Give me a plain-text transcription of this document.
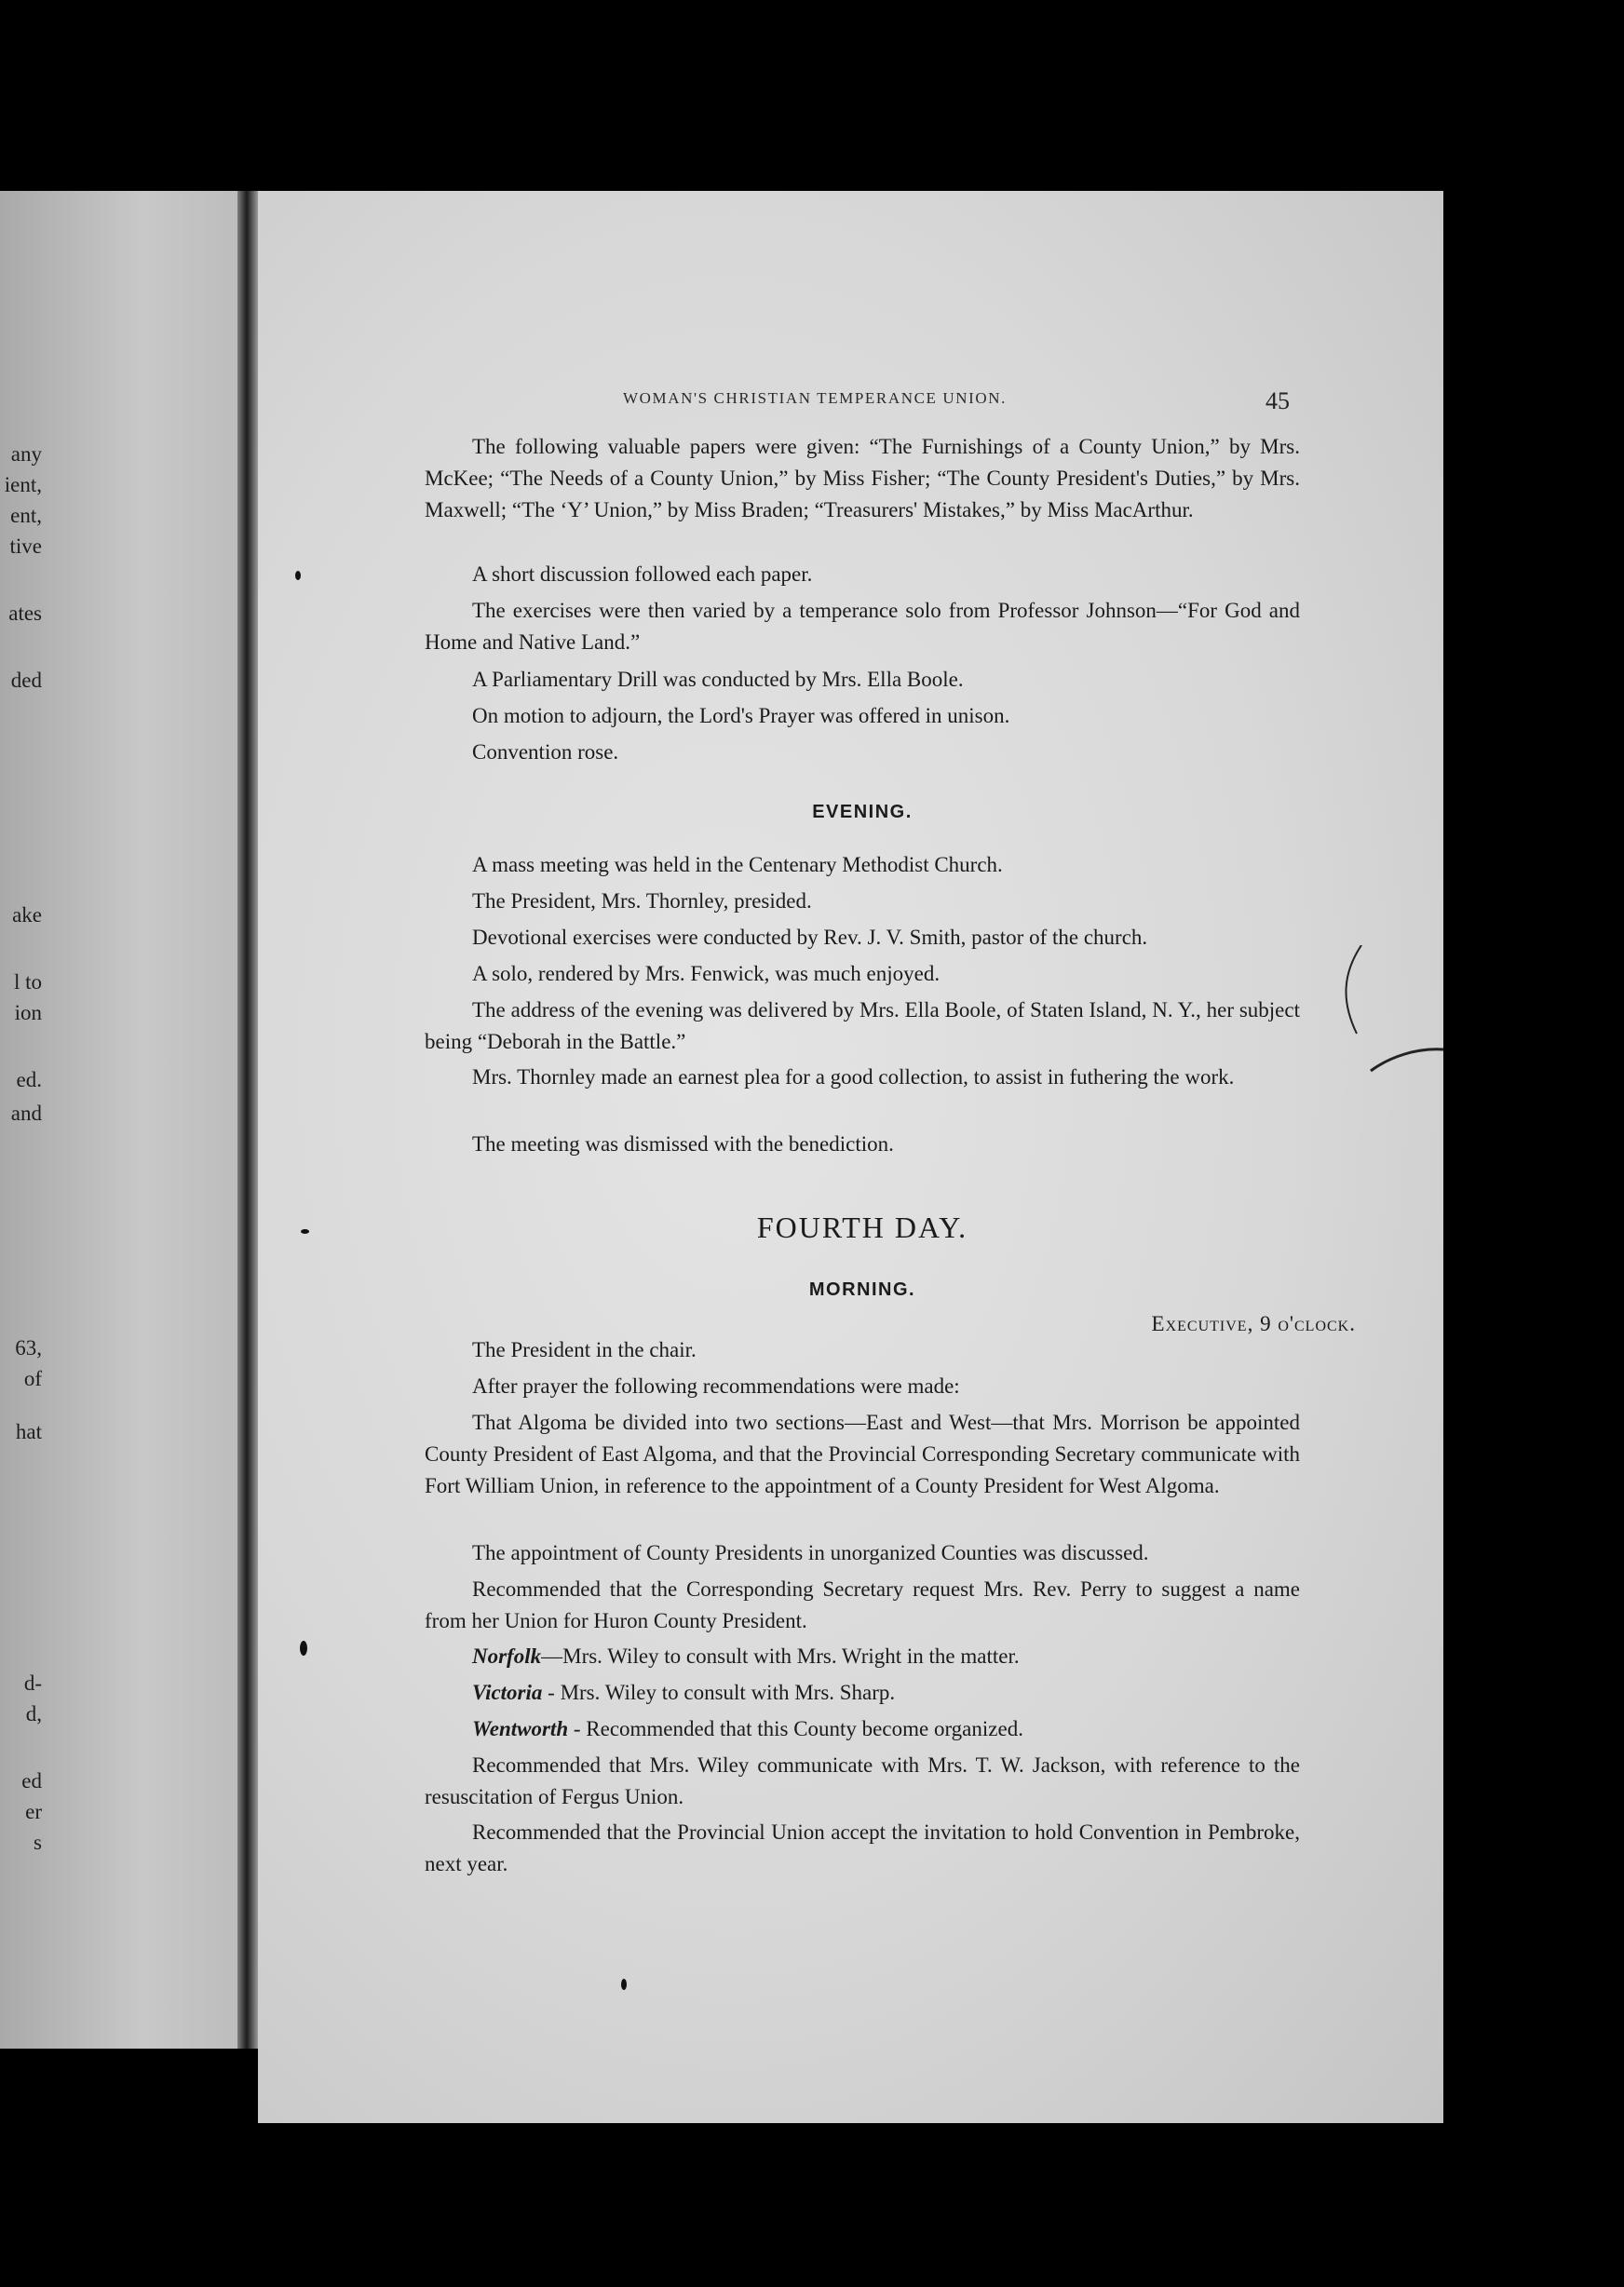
any
ient,
ent,
tive
ates
ded
ake
l to
ion
ed.
and
63,
of
hat
d-
d,
ed
er
s
WOMAN'S CHRISTIAN TEMPERANCE UNION.	45

The following valuable papers were given: “The Furnishings of a County Union,” by Mrs. McKee; “The Needs of a County Union,” by Miss Fisher; “The County President's Duties,” by Mrs. Maxwell; “The ‘Y’ Union,” by Miss Braden; “Treasurers' Mistakes,” by Miss MacArthur.

A short discussion followed each paper.

The exercises were then varied by a temperance solo from Professor Johnson—“For God and Home and Native Land.”

A Parliamentary Drill was conducted by Mrs. Ella Boole.

On motion to adjourn, the Lord's Prayer was offered in unison.

Convention rose.

EVENING.

A mass meeting was held in the Centenary Methodist Church.

The President, Mrs. Thornley, presided.

Devotional exercises were conducted by Rev. J. V. Smith, pastor of the church.

A solo, rendered by Mrs. Fenwick, was much enjoyed.

The address of the evening was delivered by Mrs. Ella Boole, of Staten Island, N. Y., her subject being “Deborah in the Battle.”

Mrs. Thornley made an earnest plea for a good collection, to assist in futhering the work.

The meeting was dismissed with the benediction.

FOURTH DAY.

MORNING.

Executive, 9 o'clock.

The President in the chair.

After prayer the following recommendations were made:

That Algoma be divided into two sections—East and West—that Mrs. Morrison be appointed County President of East Algoma, and that the Provincial Corresponding Secretary communicate with Fort William Union, in reference to the appointment of a County President for West Algoma.

The appointment of County Presidents in unorganized Counties was discussed.

Recommended that the Corresponding Secretary request Mrs. Rev. Perry to suggest a name from her Union for Huron County President.

Norfolk—Mrs. Wiley to consult with Mrs. Wright in the matter.

Victoria - Mrs. Wiley to consult with Mrs. Sharp.

Wentworth - Recommended that this County become organized.

Recommended that Mrs. Wiley communicate with Mrs. T. W. Jackson, with reference to the resuscitation of Fergus Union.

Recommended that the Provincial Union accept the invitation to hold Convention in Pembroke, next year.
